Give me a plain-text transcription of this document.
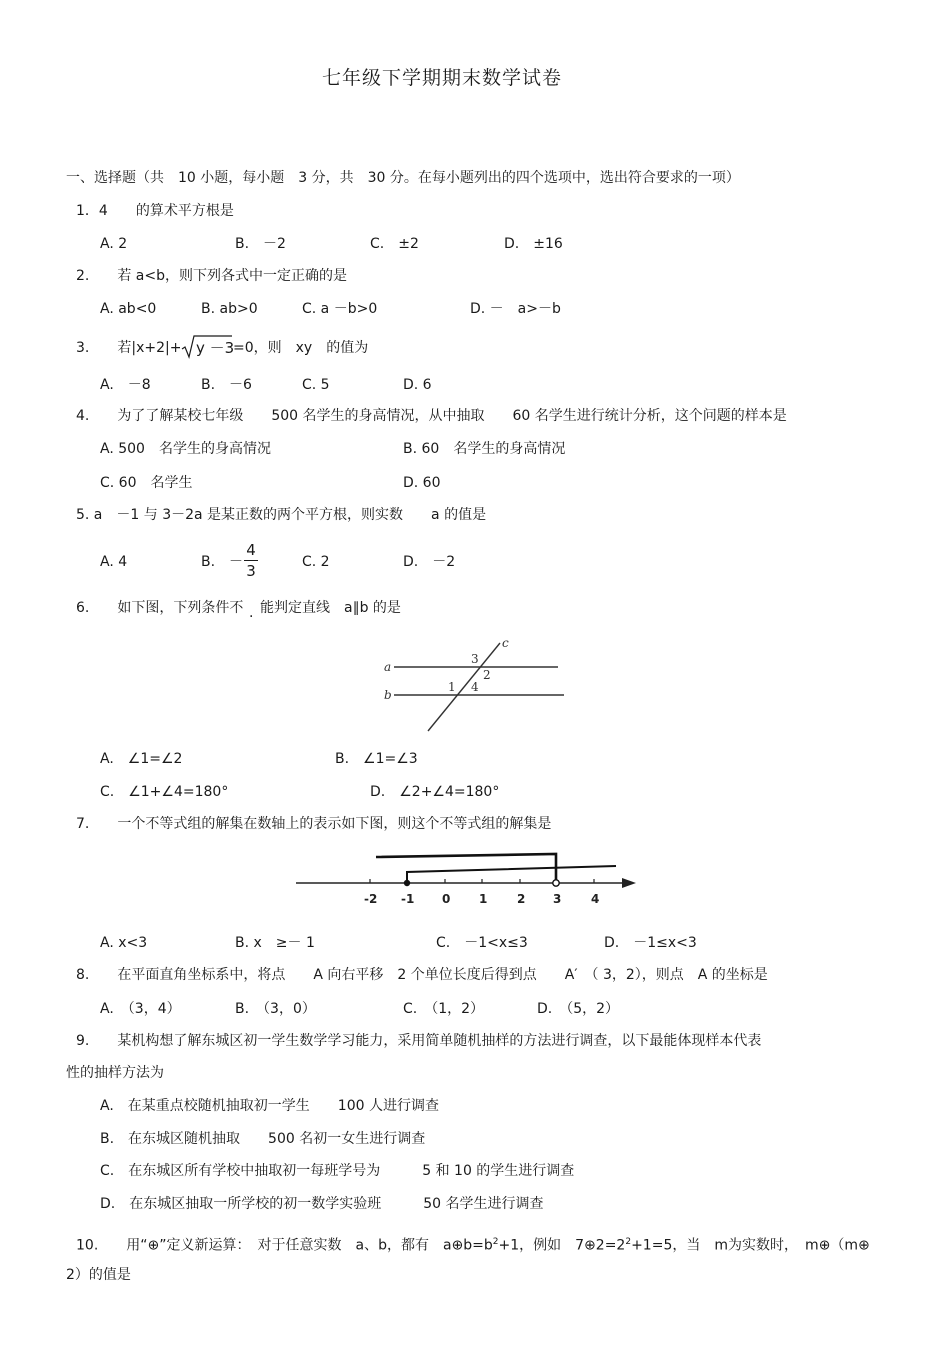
七年级下学期期末数学试卷
一、选择题（共　10 小题，每小题　3 分，共　30 分。在每小题列出的四个选项中，选出符合要求的一项）
1．4　　的算术平方根是
A. 2	B.　－2	C.　±2	D.　±16
2.　　若 a<b，则下列各式中一定正确的是
A. ab<0	B. ab>0	C. a －b>0	D. －　a>－b
3.　　若|x+2|+ y －3
=0，则　xy　的值为
A.　－8	B.　－6	C. 5	D. 6
4.　　为了了解某校七年级　　500 名学生的身高情况，从中抽取　　60 名学生进行统计分析，这个问题的样本是
A. 500　名学生的身高情况	B. 60　名学生的身高情况
C. 60　名学生	D. 60
5. a　－1 与 3－2a 是某正数的两个平方根，则实数　　a 的值是
A. 4	B.　－
4
3	C. 2	D.　－2
6.　　如下图，下列条件不 . 能判定直线　a∥b 的是
a
b
c
3
2
1 4
A.　∠1=∠2	B.　∠1=∠3
C.　∠1+∠4=180°	D.　∠2+∠4=180°
7.　　一个不等式组的解集在数轴上的表示如下图，则这个不等式组的解集是
-2 -1 0 1 2 3 4
A. x<3	B. x　≥－ 1	C.　－1<x≤3	D.　－1≤x<3
8.　　在平面直角坐标系中，将点　　A 向右平移　2 个单位长度后得到点　　A′　（ 3，2），则点　A 的坐标是
A.　（3，4）	B.　（3，0）	C.　（1，2）	D.　（5，2）
9.　　某机构想了解东城区初一学生数学学习能力，采用简单随机抽样的方法进行调查，以下最能体现样本代表
性的抽样方法为
A.　在某重点校随机抽取初一学生　　100 人进行调查
B.　在东城区随机抽取　　500 名初一女生进行调查
C.　在东城区所有学校中抽取初一每班学号为　　　5 和 10 的学生进行调查
D.　在东城区抽取一所学校的初一数学实验班　　　50 名学生进行调查
10.　　用“⊕”定义新运算：　对于任意实数　a、b，都有　$a\oplus b=b^2+1$，例如　$7\oplus 2=2^2+1=5$，当　m为实数时，　m⊕（m⊕
2）的值是
